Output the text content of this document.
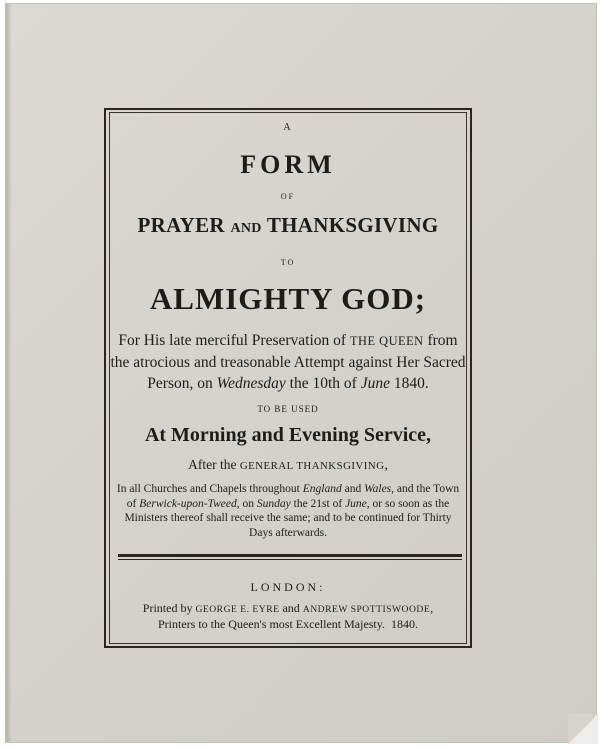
A

FORM

OF

PRAYER AND THANKSGIVING

TO

ALMIGHTY GOD;

For His late merciful Preservation of THE QUEEN from the atrocious and treasonable Attempt against Her Sacred Person, on Wednesday the 10th of June 1840.

TO BE USED

At Morning and Evening Service,

After the GENERAL THANKSGIVING,

In all Churches and Chapels throughout England and Wales, and the Town of Berwick-upon-Tweed, on Sunday the 21st of June, or so soon as the Ministers thereof shall receive the same; and to be continued for Thirty Days afterwards.

LONDON:

Printed by GEORGE E. EYRE and ANDREW SPOTTISWOODE,
Printers to the Queen's most Excellent Majesty. 1840.
